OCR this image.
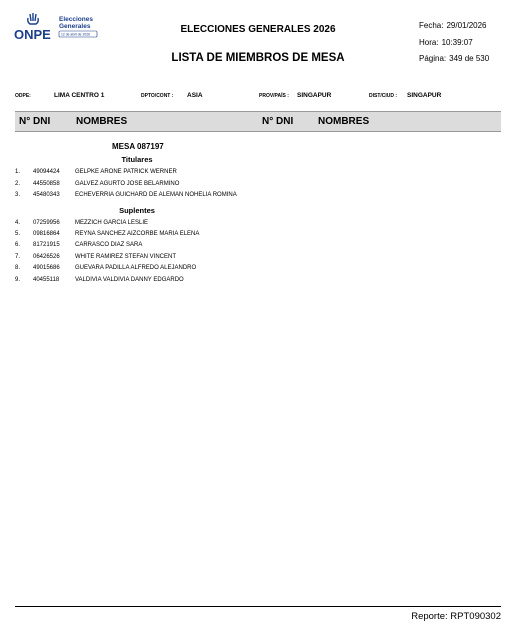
ONPE
Elecciones
Generales
12 de abril de 2026	ELECCIONES GENERALES 2026
LISTA DE MIEMBROS DE MESA
Fecha: 29/01/2026
Hora: 10:39:07
Página: 349 de 530
ODPE:	LIMA CENTRO 1	DPTO/CONT : ASIA	PROV/PAÍS : SINGAPUR	DIST/CIUD : SINGAPUR
N° DNI	NOMBRES	N° DNI NOMBRES
MESA 087197
Titulares
1. 49094424	GELPKE ARONE PATRICK WERNER
2. 44550858	GALVEZ AGURTO JOSE BELARMINO
3. 45480343	ECHEVERRIA GUICHARD DE ALEMAN NOHELIA ROMINA
Suplentes
4. 07259956	MEZZICH GARCIA LESLIE
5. 09816864	REYNA SANCHEZ AIZCORBE MARIA ELENA
6. 81721915	CARRASCO DIAZ SARA
7. 06426526	WHITE RAMIREZ STEFAN VINCENT
8. 49015686	GUEVARA PADILLA ALFREDO ALEJANDRO
9. 40455118	VALDIVIA VALDIVIA DANNY EDGARDO
Reporte: RPT090302
